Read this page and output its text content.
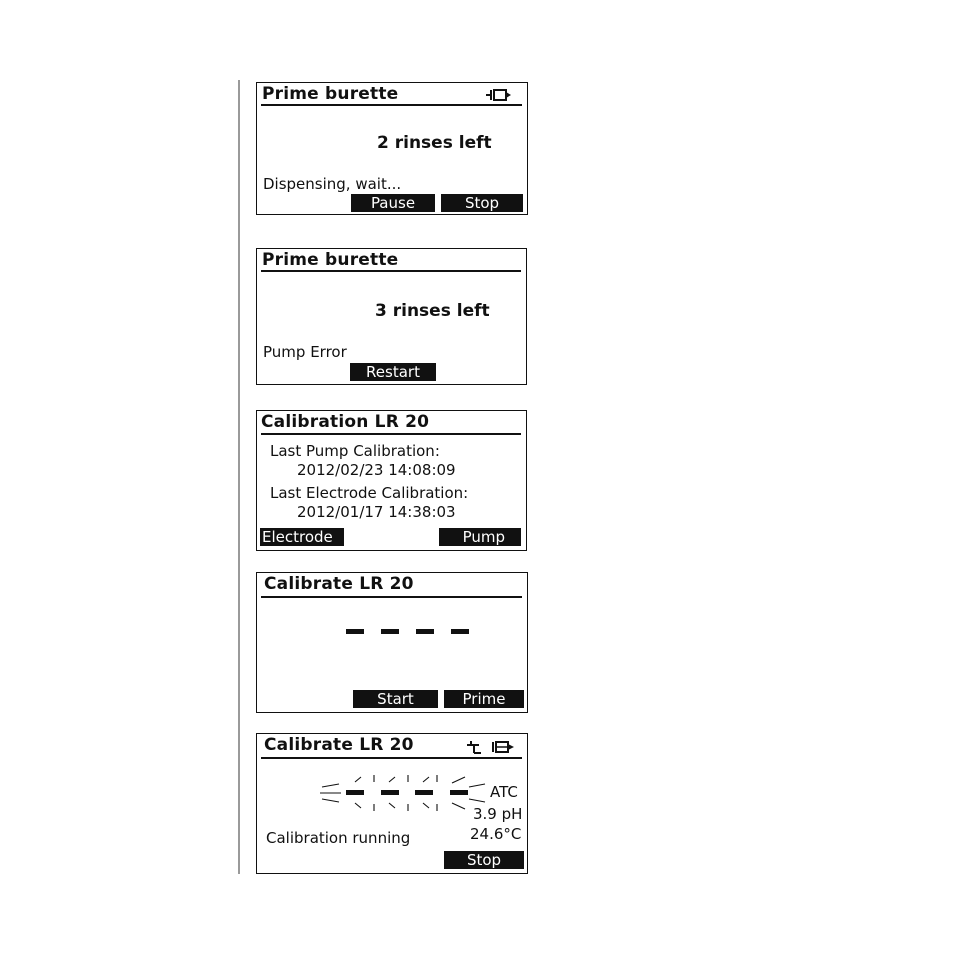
Prime burette
2 rinses left
Dispensing, wait...
Pause	Stop
Prime burette
3 rinses left
Pump Error
Restart
Calibration LR 20
Last Pump Calibration:
2012/02/23 14:08:09
Last Electrode Calibration:
2012/01/17 14:38:03
Electrode	Pump
Calibrate LR 20
Start	Prime
Calibrate LR 20
ATC
3.9 pH
24.6°C
Calibration running
Stop
